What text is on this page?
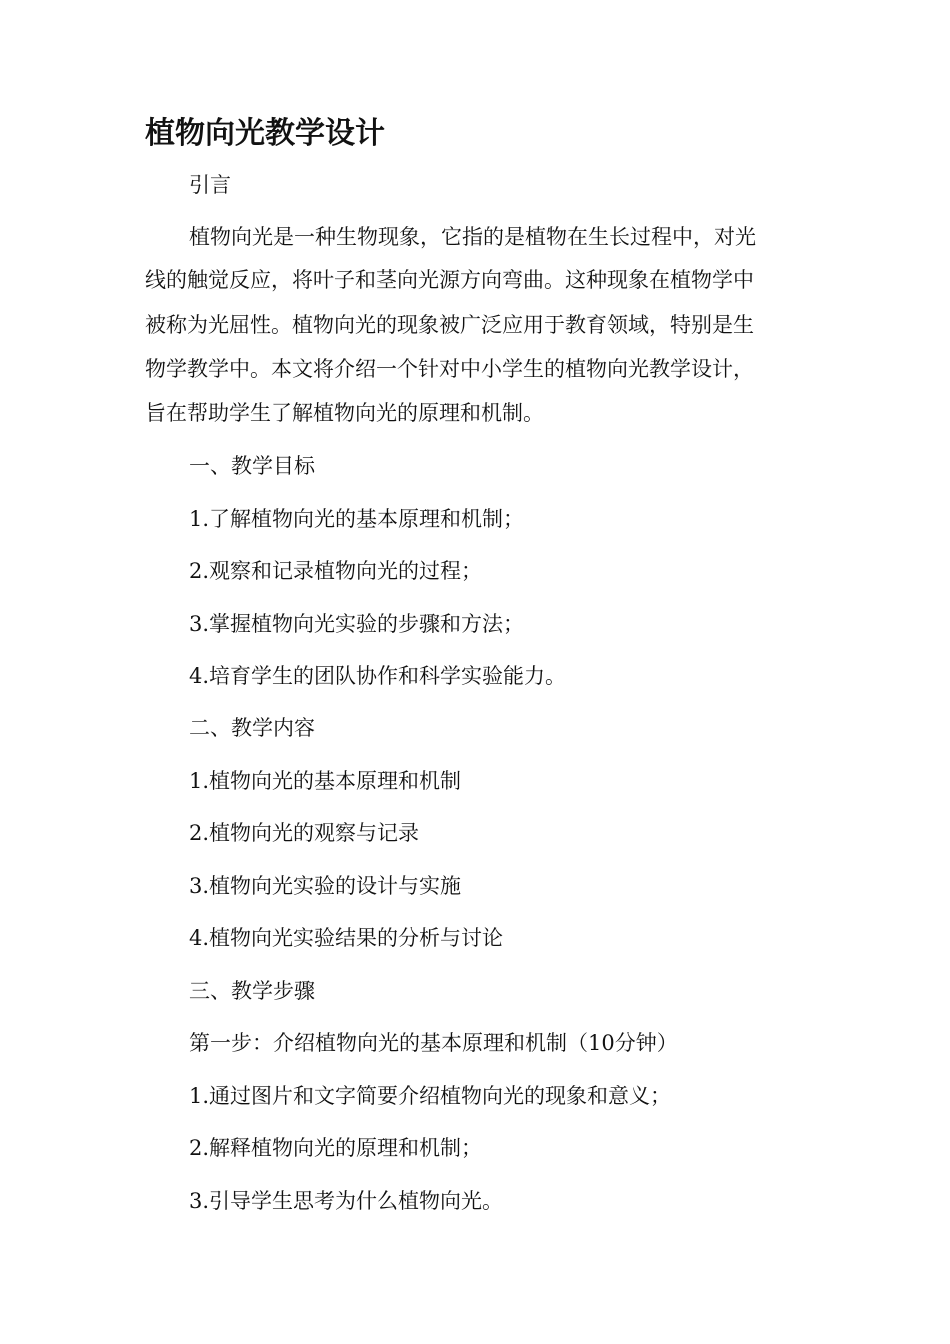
植物向光教学设计
引言
植物向光是一种生物现象，它指的是植物在生长过程中，对光
线的触觉反应，将叶子和茎向光源方向弯曲。这种现象在植物学中
被称为光屈性。植物向光的现象被广泛应用于教育领域，特别是生
物学教学中。本文将介绍一个针对中小学生的植物向光教学设计，
旨在帮助学生了解植物向光的原理和机制。
一、教学目标
1.了解植物向光的基本原理和机制；
2.观察和记录植物向光的过程；
3.掌握植物向光实验的步骤和方法；
4.培育学生的团队协作和科学实验能力。
二、教学内容
1.植物向光的基本原理和机制
2.植物向光的观察与记录
3.植物向光实验的设计与实施
4.植物向光实验结果的分析与讨论
三、教学步骤
第一步：介绍植物向光的基本原理和机制（10分钟）
1.通过图片和文字简要介绍植物向光的现象和意义；
2.解释植物向光的原理和机制；
3.引导学生思考为什么植物向光。
